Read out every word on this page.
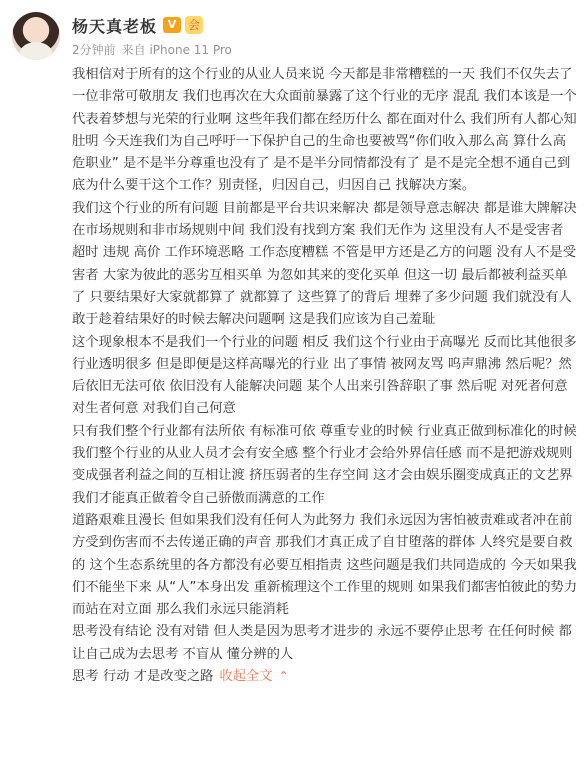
杨天真老板 V 会
2分钟前 来自 iPhone 11 Pro

我相信对于所有的这个行业的从业人员来说 今天都是非常糟糕的一天 我们不仅失去了一位非常可敬朋友 我们也再次在大众面前暴露了这个行业的无序 混乱 我们本该是一个代表着梦想与光荣的行业啊 这些年我们都在经历什么 都在面对什么 我们所有人都心知肚明 今天连我们为自己呼吁一下保护自己的生命也要被骂“你们收入那么高 算什么高危职业” 是不是半分尊重也没有了 是不是半分同情都没有了 是不是完全想不通自己到底为什么要干这个工作？别责怪，归因自己，归因自己 找解决方案。

我们这个行业的所有问题 目前都是平台共识来解决 都是领导意志解决 都是谁大牌解决 在市场规则和非市场规则中间 我们没有找到方案 我们无作为 这里没有人不是受害者 超时 违规 高价 工作环境恶略 工作态度糟糕 不管是甲方还是乙方的问题 没有人不是受害者 大家为彼此的恶劣互相买单 为忽如其来的变化买单 但这一切 最后都被利益买单了 只要结果好大家就都算了 就都算了 这些算了的背后 埋葬了多少问题 我们就没有人敢于趁着结果好的时候去解决问题啊 这是我们应该为自己羞耻

这个现象根本不是我们一个行业的问题 相反 我们这个行业由于高曝光 反而比其他很多行业透明很多 但是即便是这样高曝光的行业 出了事情 被网友骂 呜声鼎沸 然后呢？然后依旧无法可依 依旧没有人能解决问题 某个人出来引咎辞职了事 然后呢 对死者何意 对生者何意 对我们自己何意

只有我们整个行业都有法所依 有标准可依 尊重专业的时候 行业真正做到标准化的时候 我们整个行业的从业人员才会有安全感 整个行业才会给外界信任感 而不是把游戏规则变成强者利益之间的互相让渡 挤压弱者的生存空间 这才会由娱乐圈变成真正的文艺界 我们才能真正做着令自己骄傲而满意的工作

道路艰难且漫长 但如果我们没有任何人为此努力 我们永远因为害怕被责难或者冲在前方受到伤害而不去传递正确的声音 那我们才真正成了自甘堕落的群体 人终究是要自救的 这个生态系统里的各方都没有必要互相指责 这些问题是我们共同造成的 今天如果我们不能坐下来 从“人”本身出发 重新梳理这个工作里的规则 如果我们都害怕彼此的势力而站在对立面 那么我们永远只能消耗

思考没有结论 没有对错 但人类是因为思考才进步的 永远不要停止思考 在任何时候 都让自己成为去思考 不盲从 懂分辨的人

思考 行动 才是改变之路 收起全文 ⌃
